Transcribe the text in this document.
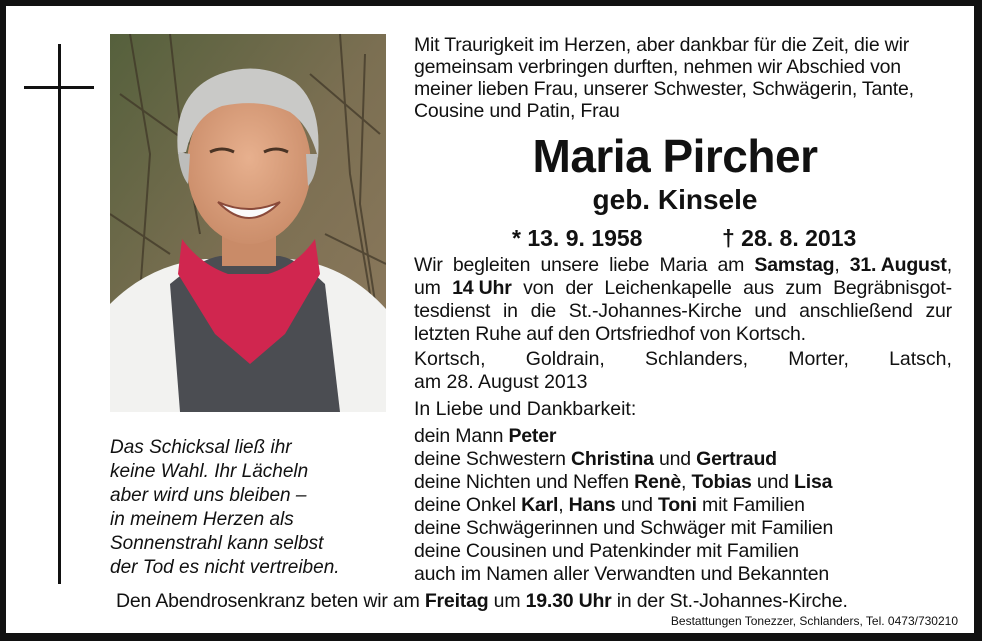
Das Schicksal ließ ihr
keine Wahl. Ihr Lächeln
aber wird uns bleiben –
in meinem Herzen als
Sonnenstrahl kann selbst
der Tod es nicht vertreiben.
Mit Traurigkeit im Herzen, aber dankbar für die Zeit, die wir
gemeinsam verbringen durften, nehmen wir Abschied von
meiner lieben Frau, unserer Schwester, Schwägerin, Tante,
Cousine und Patin, Frau
Maria Pircher
geb. Kinsele
* 13. 9. 1958	† 28. 8. 2013
Wir begleiten unsere liebe Maria am Samstag, 31. August,
um 14 Uhr von der Leichenkapelle aus zum Begräbnisgot-
tesdienst in die St.-Johannes-Kirche und anschließend zur
letzten Ruhe auf den Ortsfriedhof von Kortsch.
Kortsch, Goldrain, Schlanders, Morter, Latsch,
am 28. August 2013
In Liebe und Dankbarkeit:
dein Mann Peter
deine Schwestern Christina und Gertraud
deine Nichten und Neffen Renè, Tobias und Lisa
deine Onkel Karl, Hans und Toni mit Familien
deine Schwägerinnen und Schwäger mit Familien
deine Cousinen und Patenkinder mit Familien
auch im Namen aller Verwandten und Bekannten
Den Abendrosenkranz beten wir am Freitag um 19.30 Uhr in der St.-Johannes-Kirche.
Bestattungen Tonezzer, Schlanders, Tel. 0473/730210
